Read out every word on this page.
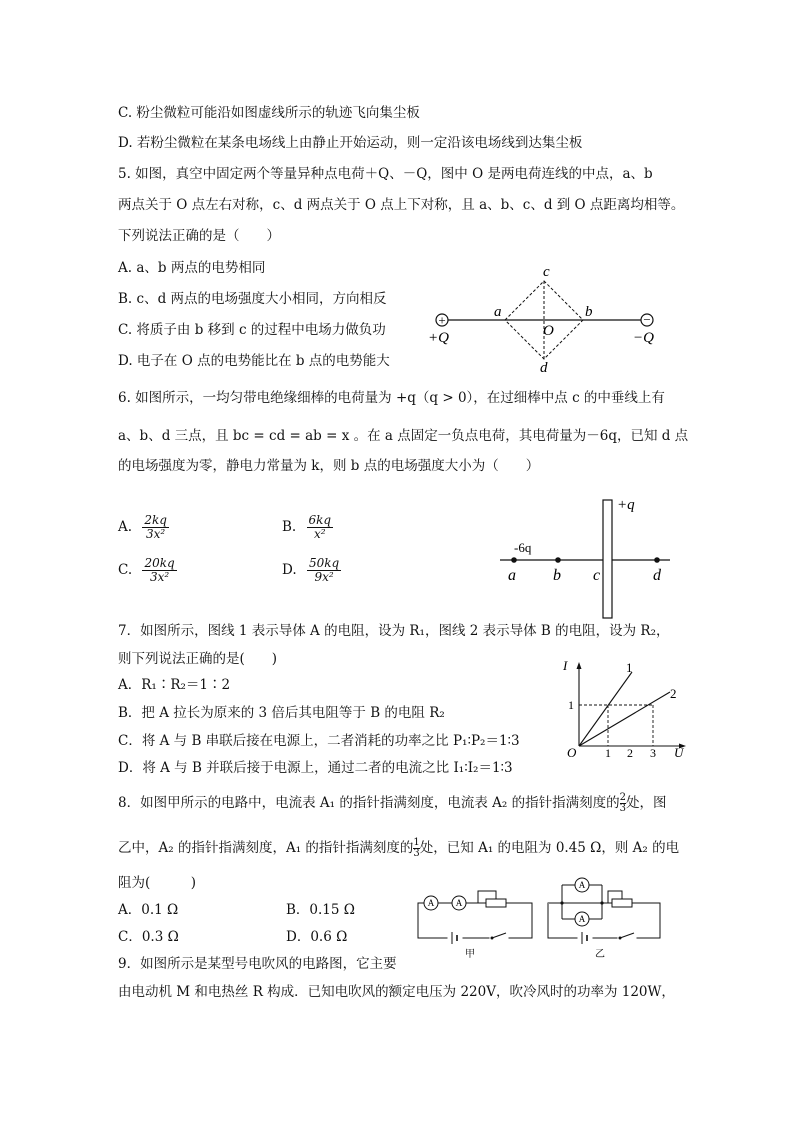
C. 粉尘微粒可能沿如图虚线所示的轨迹飞向集尘板
D. 若粉尘微粒在某条电场线上由静止开始运动，则一定沿该电场线到达集尘板
5. 如图，真空中固定两个等量异种点电荷＋Q、－Q，图中 O 是两电荷连线的中点，a、b
两点关于 O 点左右对称，c、d 两点关于 O 点上下对称，且 a、b、c、d 到 O 点距离均相等。
下列说法正确的是（　　）
A. a、b 两点的电势相同
B. c、d 两点的电场强度大小相同，方向相反
C. 将质子由 b 移到 c 的过程中电场力做负功
D. 电子在 O 点的电势能比在 b 点的电势能大
+	−
+Q	−Q
a	b
c
d
O
6. 如图所示，一均匀带电绝缘细棒的电荷量为 +q（q > 0），在过细棒中点 c 的中垂线上有
a、b、d 三点，且 bc = cd = ab = x 。在 a 点固定一负点电荷，其电荷量为－6q，已知 d 点
的电场强度为零，静电力常量为 k，则 b 点的电场强度大小为（　　）
A. $\frac{2kq}{\text{3x²}}$	B. $\frac{6kq}{\text{x²}}$
C. $\frac{20kq}{\text{3x²}}$	D. $\frac{50kq}{\text{9x²}}$
+q
-6q
a b c	d
7．如图所示，图线 1 表示导体 A 的电阻，设为 R₁，图线 2 表示导体 B 的电阻，设为 R₂，
则下列说法正确的是(　　)
A．R₁∶R₂＝1∶2
B．把 A 拉长为原来的 3 倍后其电阻等于 B 的电阻 R₂
C．将 A 与 B 串联后接在电源上，二者消耗的功率之比 P₁∶P₂＝1∶3
D．将 A 与 B 并联后接于电源上，通过二者的电流之比 I₁∶I₂＝1∶3
I
U
O
1
2
1
1 2 3
8．如图甲所示的电路中，电流表 A₁ 的指针指满刻度，电流表 A₂ 的指针指满刻度的 $\frac{2}{3}$处，图
乙中，A₂ 的指针指满刻度，A₁ 的指针指满刻度的 $\frac{1}{3}$处，已知 A₁ 的电阻为 0.45 Ω，则 A₂ 的电
阻为(　　　)
A．0.1 Ω	B．0.15 Ω
C．0.3 Ω	D．0.6 Ω
A A
甲
A
A
乙
9．如图所示是某型号电吹风的电路图，它主要
由电动机 M 和电热丝 R 构成．已知电吹风的额定电压为 220V，吹冷风时的功率为 120W，
